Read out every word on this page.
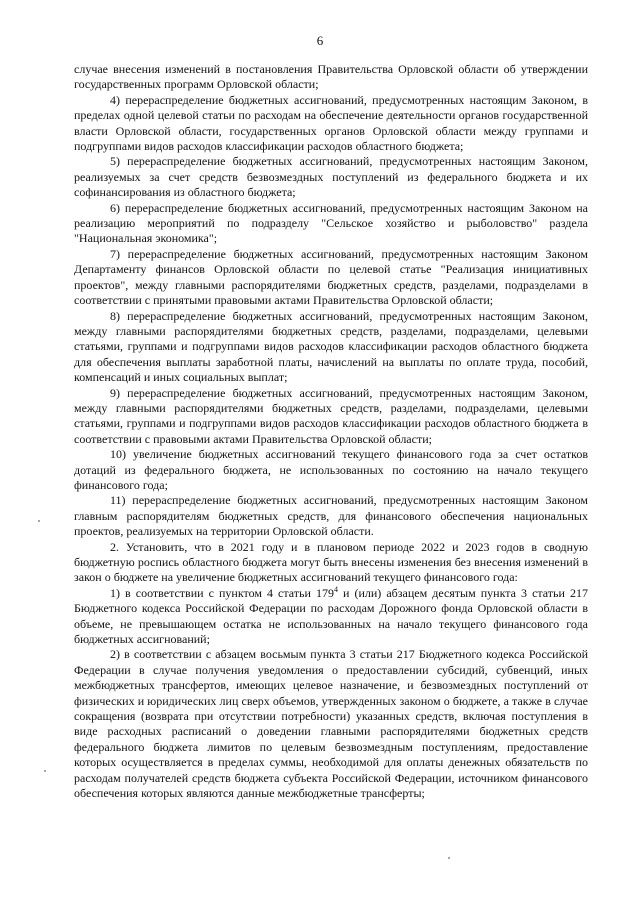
6

случае внесения изменений в постановления Правительства Орловской области об утверждении государственных программ Орловской области;

4) перераспределение бюджетных ассигнований, предусмотренных настоящим Законом, в пределах одной целевой статьи по расходам на обеспечение деятельности органов государственной власти Орловской области, государственных органов Орловской области между группами и подгруппами видов расходов классификации расходов областного бюджета;

5) перераспределение бюджетных ассигнований, предусмотренных настоящим Законом, реализуемых за счет средств безвозмездных поступлений из федерального бюджета и их софинансирования из областного бюджета;

6) перераспределение бюджетных ассигнований, предусмотренных настоящим Законом на реализацию мероприятий по подразделу "Сельское хозяйство и рыболовство" раздела "Национальная экономика";

7) перераспределение бюджетных ассигнований, предусмотренных настоящим Законом Департаменту финансов Орловской области по целевой статье "Реализация инициативных проектов", между главными распорядителями бюджетных средств, разделами, подразделами в соответствии с принятыми правовыми актами Правительства Орловской области;

8) перераспределение бюджетных ассигнований, предусмотренных настоящим Законом, между главными распорядителями бюджетных средств, разделами, подразделами, целевыми статьями, группами и подгруппами видов расходов классификации расходов областного бюджета для обеспечения выплаты заработной платы, начислений на выплаты по оплате труда, пособий, компенсаций и иных социальных выплат;

9) перераспределение бюджетных ассигнований, предусмотренных настоящим Законом, между главными распорядителями бюджетных средств, разделами, подразделами, целевыми статьями, группами и подгруппами видов расходов классификации расходов областного бюджета в соответствии с правовыми актами Правительства Орловской области;

10) увеличение бюджетных ассигнований текущего финансового года за счет остатков дотаций из федерального бюджета, не использованных по состоянию на начало текущего финансового года;

11) перераспределение бюджетных ассигнований, предусмотренных настоящим Законом главным распорядителям бюджетных средств, для финансового обеспечения национальных проектов, реализуемых на территории Орловской области.

2. Установить, что в 2021 году и в плановом периоде 2022 и 2023 годов в сводную бюджетную роспись областного бюджета могут быть внесены изменения без внесения изменений в закон о бюджете на увеличение бюджетных ассигнований текущего финансового года:

1) в соответствии с пунктом 4 статьи $179^4$ и (или) абзацем десятым пункта 3 статьи 217 Бюджетного кодекса Российской Федерации по расходам Дорожного фонда Орловской области в объеме, не превышающем остатка не использованных на начало текущего финансового года бюджетных ассигнований;

2) в соответствии с абзацем восьмым пункта 3 статьи 217 Бюджетного кодекса Российской Федерации в случае получения уведомления о предоставлении субсидий, субвенций, иных межбюджетных трансфертов, имеющих целевое назначение, и безвозмездных поступлений от физических и юридических лиц сверх объемов, утвержденных законом о бюджете, а также в случае сокращения (возврата при отсутствии потребности) указанных средств, включая поступления в виде расходных расписаний о доведении главными распорядителями бюджетных средств федерального бюджета лимитов по целевым безвозмездным поступлениям, предоставление которых осуществляется в пределах суммы, необходимой для оплаты денежных обязательств по расходам получателей средств бюджета субъекта Российской Федерации, источником финансового обеспечения которых являются данные межбюджетные трансферты;
